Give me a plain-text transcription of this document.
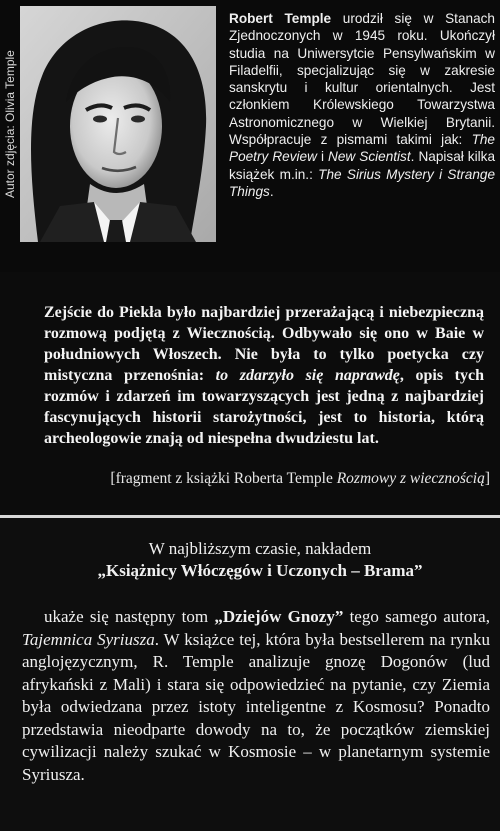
Autor zdjęcia: Olivia Temple

Robert Temple urodził się w Stanach Zjednoczonych w 1945 roku. Ukończył studia na Uniwersytcie Pensylwańskim w Filadelfii, specjalizując się w zakresie sanskrytu i kultur orientalnych. Jest członkiem Królewskiego Towarzystwa Astronomicznego w Wielkiej Brytanii. Współpracuje z pismami takimi jak: The Poetry Review i New Scientist. Napisał kilka książek m.in.: The Sirius Mystery i Strange Things.

Zejście do Piekła było najbardziej przerażającą i niebezpieczną rozmową podjętą z Wiecznością. Odbywało się ono w Baie w południowych Włoszech. Nie była to tylko poetycka czy mistyczna przenośnia: to zdarzyło się naprawdę, opis tych rozmów i zdarzeń im towarzyszących jest jedną z najbardziej fascynujących historii starożytności, jest to historia, którą archeologowie znają od niespełna dwudziestu lat.

[fragment z książki Roberta Temple Rozmowy z wiecznością]

W najbliższym czasie, nakładem
„Książnicy Włóczęgów i Uczonych – Brama”

ukaże się następny tom „Dziejów Gnozy” tego samego autora, Tajemnica Syriusza. W książce tej, która była bestsellerem na rynku anglojęzycznym, R. Temple analizuje gnozę Dogonów (lud afrykański z Mali) i stara się odpowiedzieć na pytanie, czy Ziemia była odwiedzana przez istoty inteligentne z Kosmosu? Ponadto przedstawia nieodparte dowody na to, że początków ziemskiej cywilizacji należy szukać w Kosmosie – w planetarnym systemie Syriusza.
